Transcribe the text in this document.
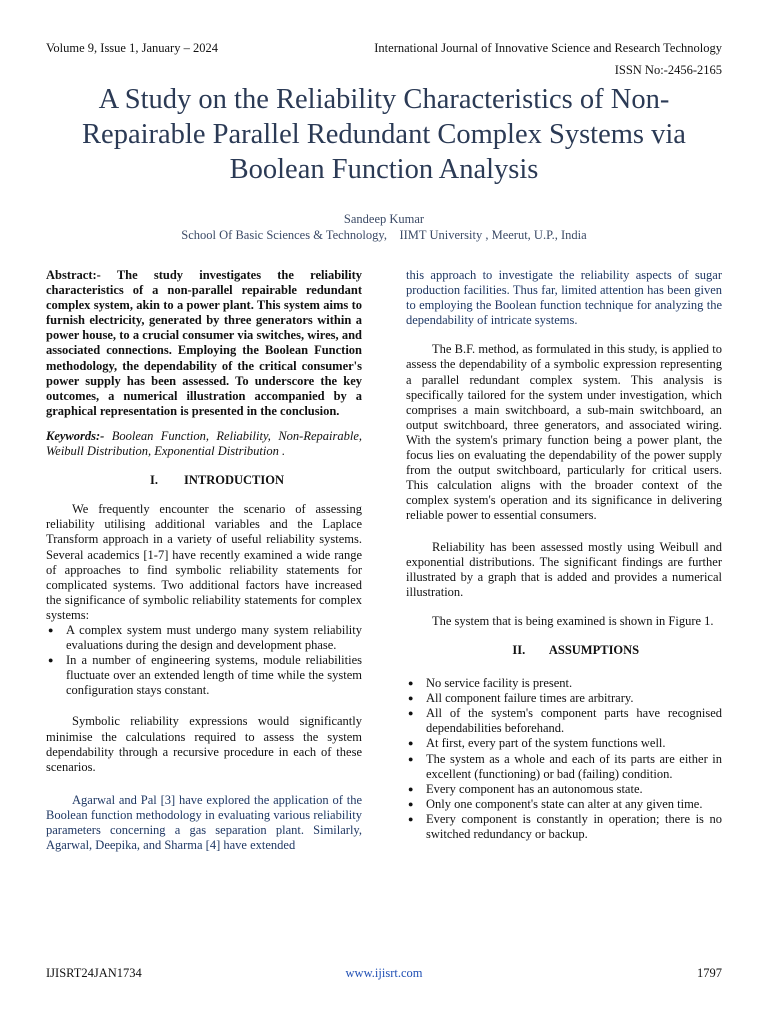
Volume 9, Issue 1, January – 2024	International Journal of Innovative Science and Research Technology
ISSN No:-2456-2165
A Study on the Reliability Characteristics of Non-Repairable Parallel Redundant Complex Systems via Boolean Function Analysis
Sandeep Kumar
School Of Basic Sciences & Technology,    IIMT University , Meerut, U.P., India

Abstract:- The study investigates the reliability characteristics of a non-parallel repairable redundant complex system, akin to a power plant. This system aims to furnish electricity, generated by three generators within a power house, to a crucial consumer via switches, wires, and associated connections. Employing the Boolean Function methodology, the dependability of the critical consumer's power supply has been assessed. To underscore the key outcomes, a numerical illustration accompanied by a graphical representation is presented in the conclusion.

Keywords:- Boolean Function, Reliability, Non-Repairable, Weibull Distribution, Exponential Distribution .

I. INTRODUCTION

We frequently encounter the scenario of assessing reliability utilising additional variables and the Laplace Transform approach in a variety of useful reliability systems. Several academics [1-7] have recently examined a wide range of approaches to find symbolic reliability statements for complicated systems. Two additional factors have increased the significance of symbolic reliability statements for complex systems:

● A complex system must undergo many system reliability evaluations during the design and development phase.
● In a number of engineering systems, module reliabilities fluctuate over an extended length of time while the system configuration stays constant.

Symbolic reliability expressions would significantly minimise the calculations required to assess the system dependability through a recursive procedure in each of these scenarios.

Agarwal and Pal [3] have explored the application of the Boolean function methodology in evaluating various reliability parameters concerning a gas separation plant. Similarly, Agarwal, Deepika, and Sharma [4] have extended

this approach to investigate the reliability aspects of sugar production facilities. Thus far, limited attention has been given to employing the Boolean function technique for analyzing the dependability of intricate systems.

The B.F. method, as formulated in this study, is applied to assess the dependability of a symbolic expression representing a parallel redundant complex system. This analysis is specifically tailored for the system under investigation, which comprises a main switchboard, a sub-main switchboard, an output switchboard, three generators, and associated wiring. With the system's primary function being a power plant, the focus lies on evaluating the dependability of the power supply from the output switchboard, particularly for critical users. This calculation aligns with the broader context of the complex system's operation and its significance in delivering reliable power to essential consumers.

Reliability has been assessed mostly using Weibull and exponential distributions. The significant findings are further illustrated by a graph that is added and provides a numerical illustration.

The system that is being examined is shown in Figure 1.

II. ASSUMPTIONS
● No service facility is present.
● All component failure times are arbitrary.
● All of the system's component parts have recognised dependabilities beforehand.
● At first, every part of the system functions well.
● The system as a whole and each of its parts are either in excellent (functioning) or bad (failing) condition.
● Every component has an autonomous state.
● Only one component's state can alter at any given time.
● Every component is constantly in operation; there is no switched redundancy or backup.
IJISRT24JAN1734	www.ijisrt.com	1797
